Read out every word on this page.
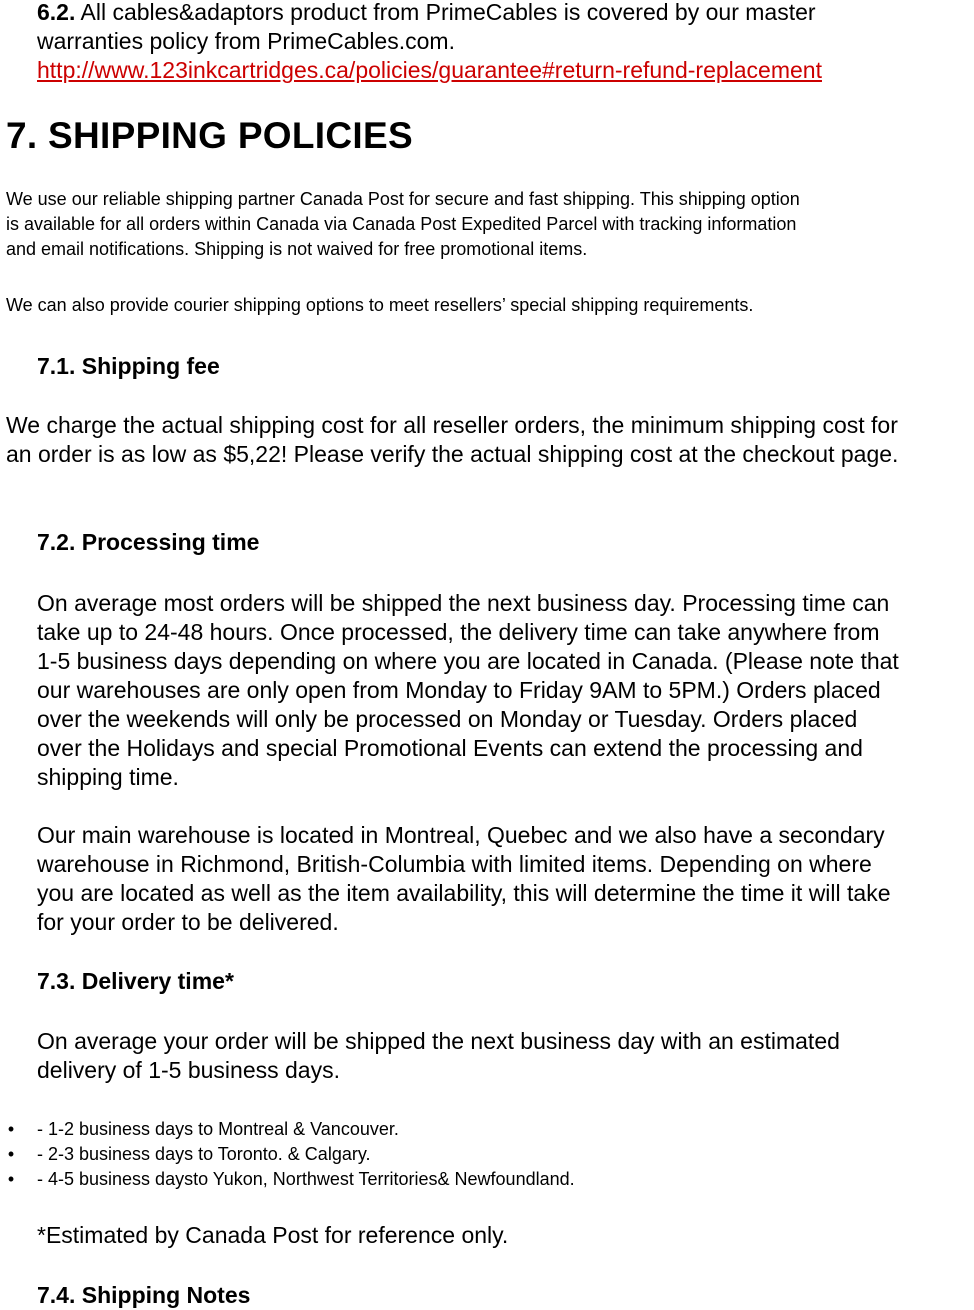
6.2. All cables&adaptors product from PrimeCables is covered by our master
warranties policy from PrimeCables.com.
http://www.123inkcartridges.ca/policies/guarantee#return-refund-replacement
7. SHIPPING POLICIES
We use our reliable shipping partner Canada Post for secure and fast shipping. This shipping option
is available for all orders within Canada via Canada Post Expedited Parcel with tracking information
and email notifications. Shipping is not waived for free promotional items.
We can also provide courier shipping options to meet resellers’ special shipping requirements.
7.1. Shipping fee
We charge the actual shipping cost for all reseller orders, the minimum shipping cost for
an order is as low as $5,22! Please verify the actual shipping cost at the checkout page.
7.2. Processing time
On average most orders will be shipped the next business day. Processing time can
take up to 24-48 hours. Once processed, the delivery time can take anywhere from
1-5 business days depending on where you are located in Canada. (Please note that
our warehouses are only open from Monday to Friday 9AM to 5PM.) Orders placed
over the weekends will only be processed on Monday or Tuesday. Orders placed
over the Holidays and special Promotional Events can extend the processing and
shipping time.
Our main warehouse is located in Montreal, Quebec and we also have a secondary
warehouse in Richmond, British-Columbia with limited items. Depending on where
you are located as well as the item availability, this will determine the time it will take
for your order to be delivered.
7.3. Delivery time*
On average your order will be shipped the next business day with an estimated
delivery of 1-5 business days.
• - 1-2 business days to Montreal & Vancouver.
• - 2-3 business days to Toronto. & Calgary.
• - 4-5 business daysto Yukon, Northwest Territories& Newfoundland.
*Estimated by Canada Post for reference only.
7.4. Shipping Notes
